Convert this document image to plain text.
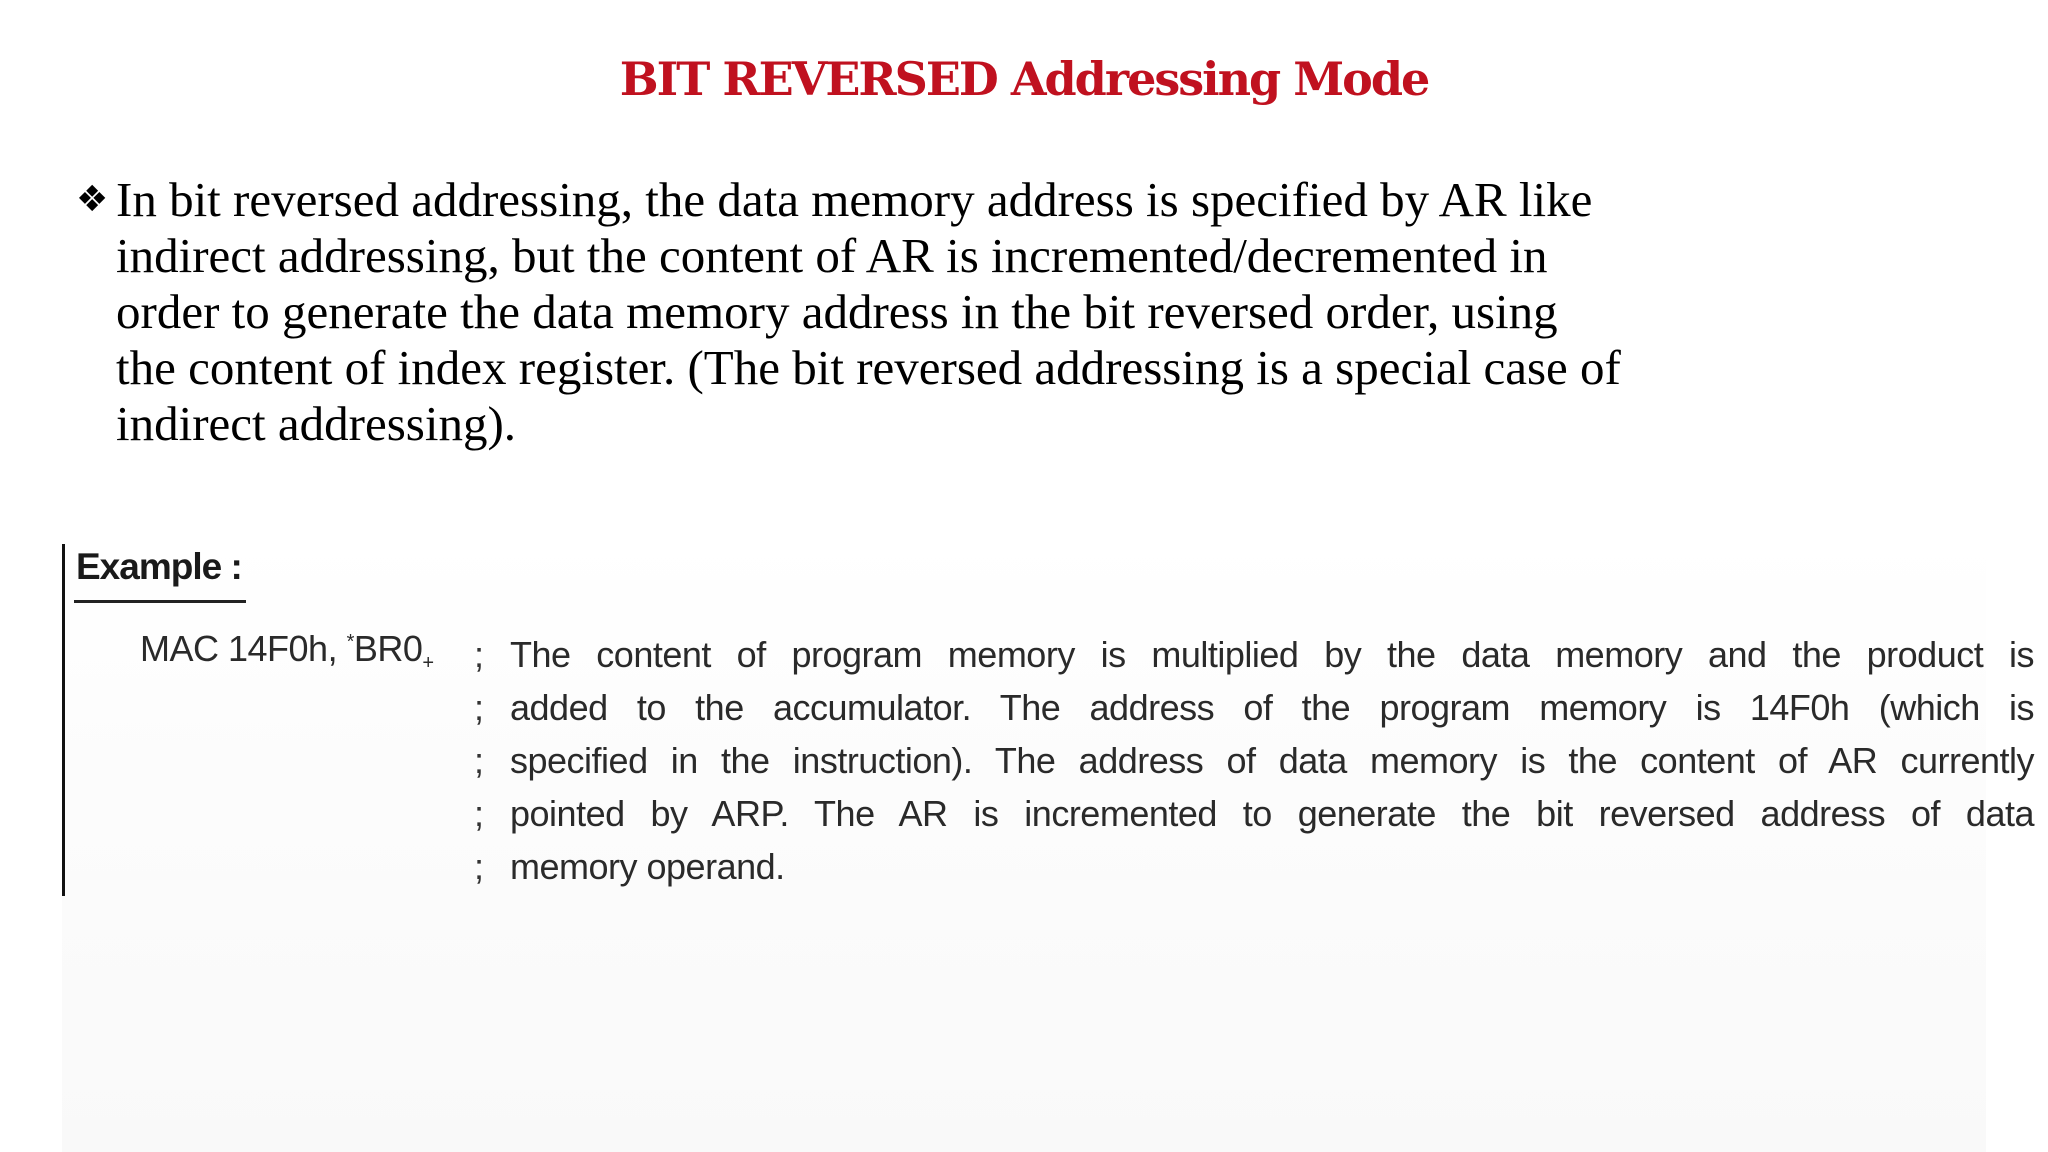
BIT REVERSED Addressing Mode
❖ In bit reversed addressing, the data memory address is specified by AR like
indirect addressing, but the content of AR is incremented/decremented in
order to generate the data memory address in the bit reversed order, using
the content of index register. (The bit reversed addressing is a special case of
indirect addressing).
Example :
MAC 14F0h, $^*BR0_+$ ; The content of program memory is multiplied by the data memory and the product is
; added to the accumulator. The address of the program memory is 14F0h (which is
; specified in the instruction). The address of data memory is the content of AR currently
; pointed by ARP. The AR is incremented to generate the bit reversed address of data
; memory operand.
